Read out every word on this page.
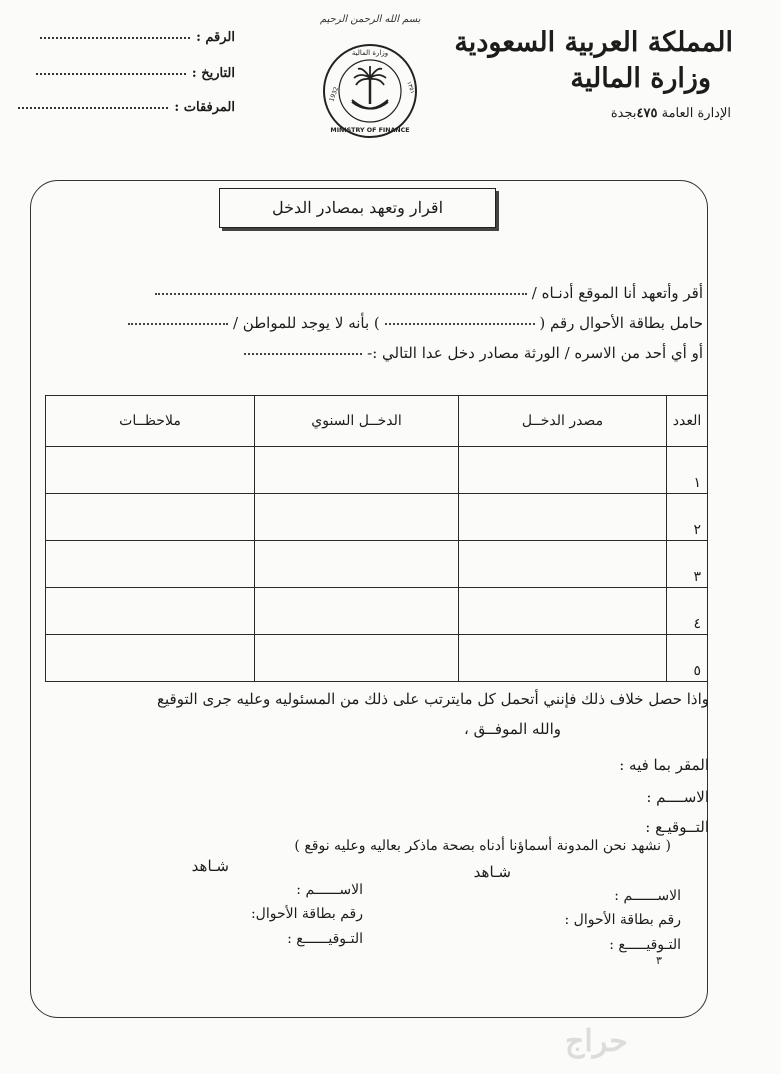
بسم الله الرحمن الرحيم
المملكة العربية السعودية
وزارة المالية
الإدارة العامة ٤٧٥بجدة
وزارة المالية
MINISTRY OF FINANCE
1932	١٣٥١
الرقم :
التاريخ :
المرفقات :
اقرار وتعهد بمصادر الدخل
أقر وأتعهد أنا الموقع أدنـاه /
حامل بطاقة الأحوال رقم (  ) بأنه لا يوجد للمواطن /
أو أي أحد من الاسره / الورثة مصادر دخل عدا التالي :-
العدد	مصدر الدخــل	الدخــل السنوي	ملاحظــات
١			
٢			
٣			
٤			
٥			
واذا حصل خلاف ذلك فإنني أتحمل كل مايترتب على ذلك من المسئوليه وعليه جرى التوقيع
والله الموفــق ،
المقر بما فيه :
الاســــم :
التــوقيـع :
( نشهد نحن المدونة أسماؤنا أدناه بصحة ماذكر بعاليه وعليه نوقع )
شـاهد
شـاهد
الاســــــم :
رقم بطاقة الأحوال :
التـوقيـــــع :
الاســــــم :
رقم بطاقة الأحوال:
التـوقيــــــع :
٣
حراج
